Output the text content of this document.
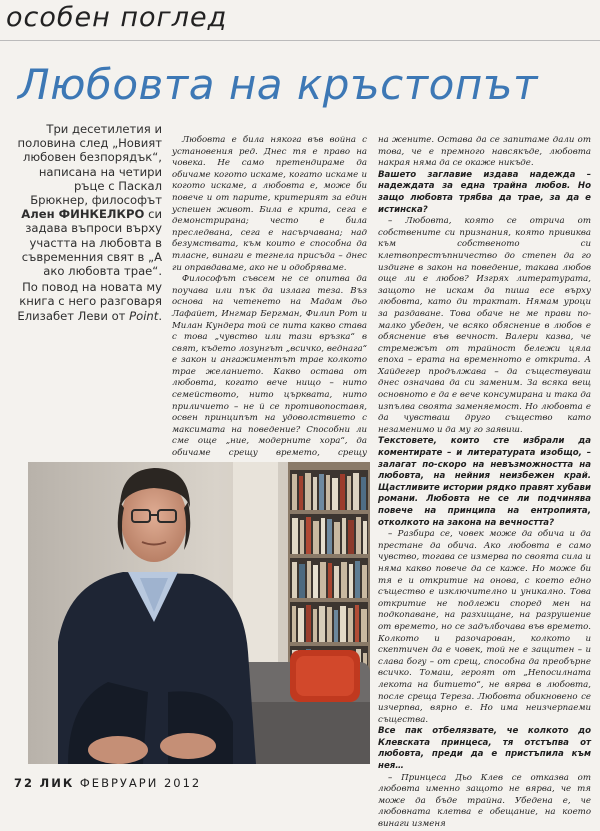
особен поглед
Любовта на кръстопът
Три десетилетия и половина след „Новият любовен безпорядък“, написана на четири ръце с Паскал Брюкнер, философът Ален ФИНКЕЛКРО си задава въпроси върху участта на любовта в съвременния свят в „А ако любовта трае“.
По повод на новата му книга с него разговаря Елизабет Леви от Point.

Любовта е била някога във война с установения ред. Днес тя е право на човека. Не само претендираме да обичаме когото искаме, когато искаме и когото искаме, а любовта е, може би повече и от парите, критерият за един успешен живот. Била е крита, сега е демонстрирана; често е била преследвана, сега е насърчавана; над безумствата, към които е способна да тласне, винаги е тегнела присъда – днес ги оправдаваме, ако не и одобряваме.

Философът съвсем не се опитва да поучава или пък да излага теза. Въз основа на четенето на Мадам дьо Лафайет, Ингмар Бергман, Филип Рот и Милан Кундера той се пита какво става с това „чувство или тази връзка“ в свят, където лозунгът „всичко, веднага“ е закон и ангажиментът трае колкото трае желанието. Какво остава от любовта, когато вече нищо – нито семейството, нито църквата, нито приличието – не й се противопоставя, освен принципът на удоволствието с максимата на поведение? Способни ли сме още „ние, модерните хора“, да обичаме срещу времето, срещу

на жените. Остава да се запитаме дали от това, че е премного навсякъде, любовта накрая няма да се окаже никъде.

Вашето заглавие издава надежда – надеждата за една трайна любов. Но защо любовта трябва да трае, за да е истинска?

– Любовта, която се отрича от собствените си признания, която привиква към собственото си клетвопрестъпничество до степен да го издигне в закон на поведение, такава любов още ли е любов? Изгрях литературата, защото не искам да пиша есе върху любовта, като ди трактат. Нямам уроци за раздаване. Това обаче не ме прави по-малко убеден, че всяко обяснение в любов е обяснение във вечност. Валери казва, че стремежът от трайност бележи цяла епоха – ерата на временното е открита. А Хайдегер продължава – да съществуваш днес означава да си заменим. За всяка вещ основното е да е вече консумирана и така да изпълва своята заменяемост. Но любовта е да чувстваш друго същество като незаменимо и да му го заявиш.

Текстовете, които сте избрали да коментирате – и литературата изобщо, – залагат по-скоро на невъзможността на любовта, на нейния неизбежен край. Щастливите истории рядко правят хубави романи. Любовта не се ли подчинява повече на принципа на ентропията, отколкото на закона на вечността?

– Разбира се, човек може да обича и да престане да обича. Ако любовта е само чувство, тогава се измерва по своята сила и няма какво повече да се каже. Но може би тя е и откритие на онова, с което едно същество е изключително и уникално. Това откритие не подлежи според мен на подкопаване, на разхищане, на разрушение от времето, но се задълбочава във времето. Колкото и разочарован, колкото и скептичен да е човек, той не е защитен – и слава богу – от срещ, способна да преобърне всичко. Томаш, героят от „Непосилната лекота на битието“, не вярва в любовта, после среща Тереза. Любовта обикновено се изчерпва, вярно е. Но има неизчерпаеми същества.

Все пак отбелязвате, че колкото до Клевската принцеса, тя отстъпва от любовта, преди да е пристъпила към нея…

– Принцеса Дьо Клев се отказва от любовта именно защото не вярва, че тя може да бъде трайна. Убедена е, че любовната клетва е обещание, на което винаги изменя

72 ЛИК ФЕВРУАРИ 2012
